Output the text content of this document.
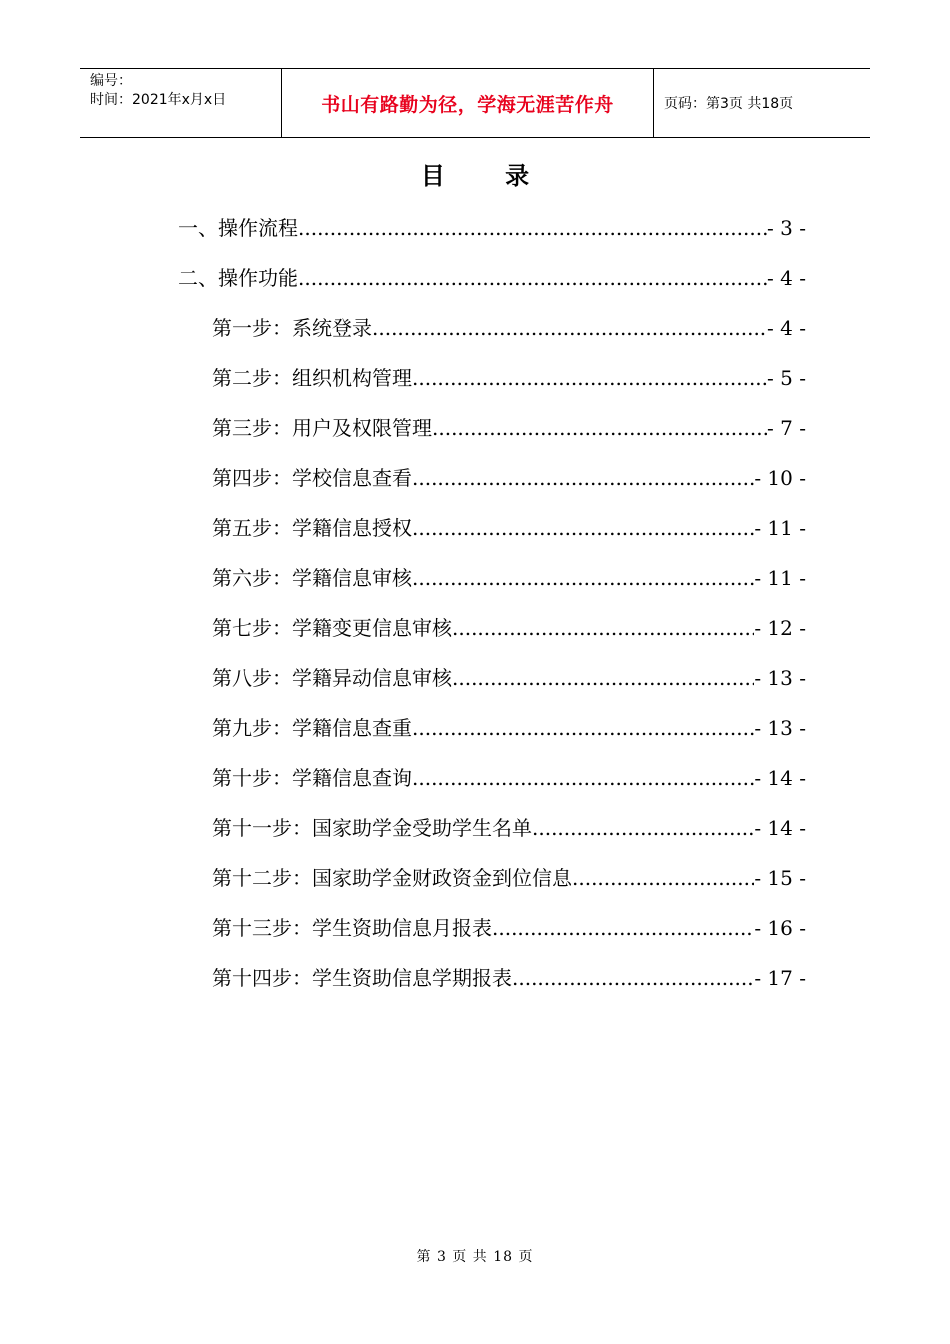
编号：
时间：2021年x月x日	书山有路勤为径，学海无涯苦作舟	页码：第3页 共18页
目 录
一、 操作流程 .....	- 3 -
二、 操作功能 .....	- 4 -
第一步：系统登录 .....	- 4 -
第二步：组织机构管理 .....	- 5 -
第三步：用户及权限管理 .....	- 7 -
第四步：学校信息查看 .....	- 10 -
第五步：学籍信息授权 .....	- 11 -
第六步：学籍信息审核 .....	- 11 -
第七步：学籍变更信息审核 .....	- 12 -
第八步：学籍异动信息审核 .....	- 13 -
第九步：学籍信息查重 .....	- 13 -
第十步：学籍信息查询 .....	- 14 -
第十一步：国家助学金受助学生名单 .....	- 14 -
第十二步：国家助学金财政资金到位信息 .....	- 15 -
第十三步：学生资助信息月报表 .....	- 16 -
第十四步：学生资助信息学期报表 .....	- 17 -
第 3 页 共 18 页
